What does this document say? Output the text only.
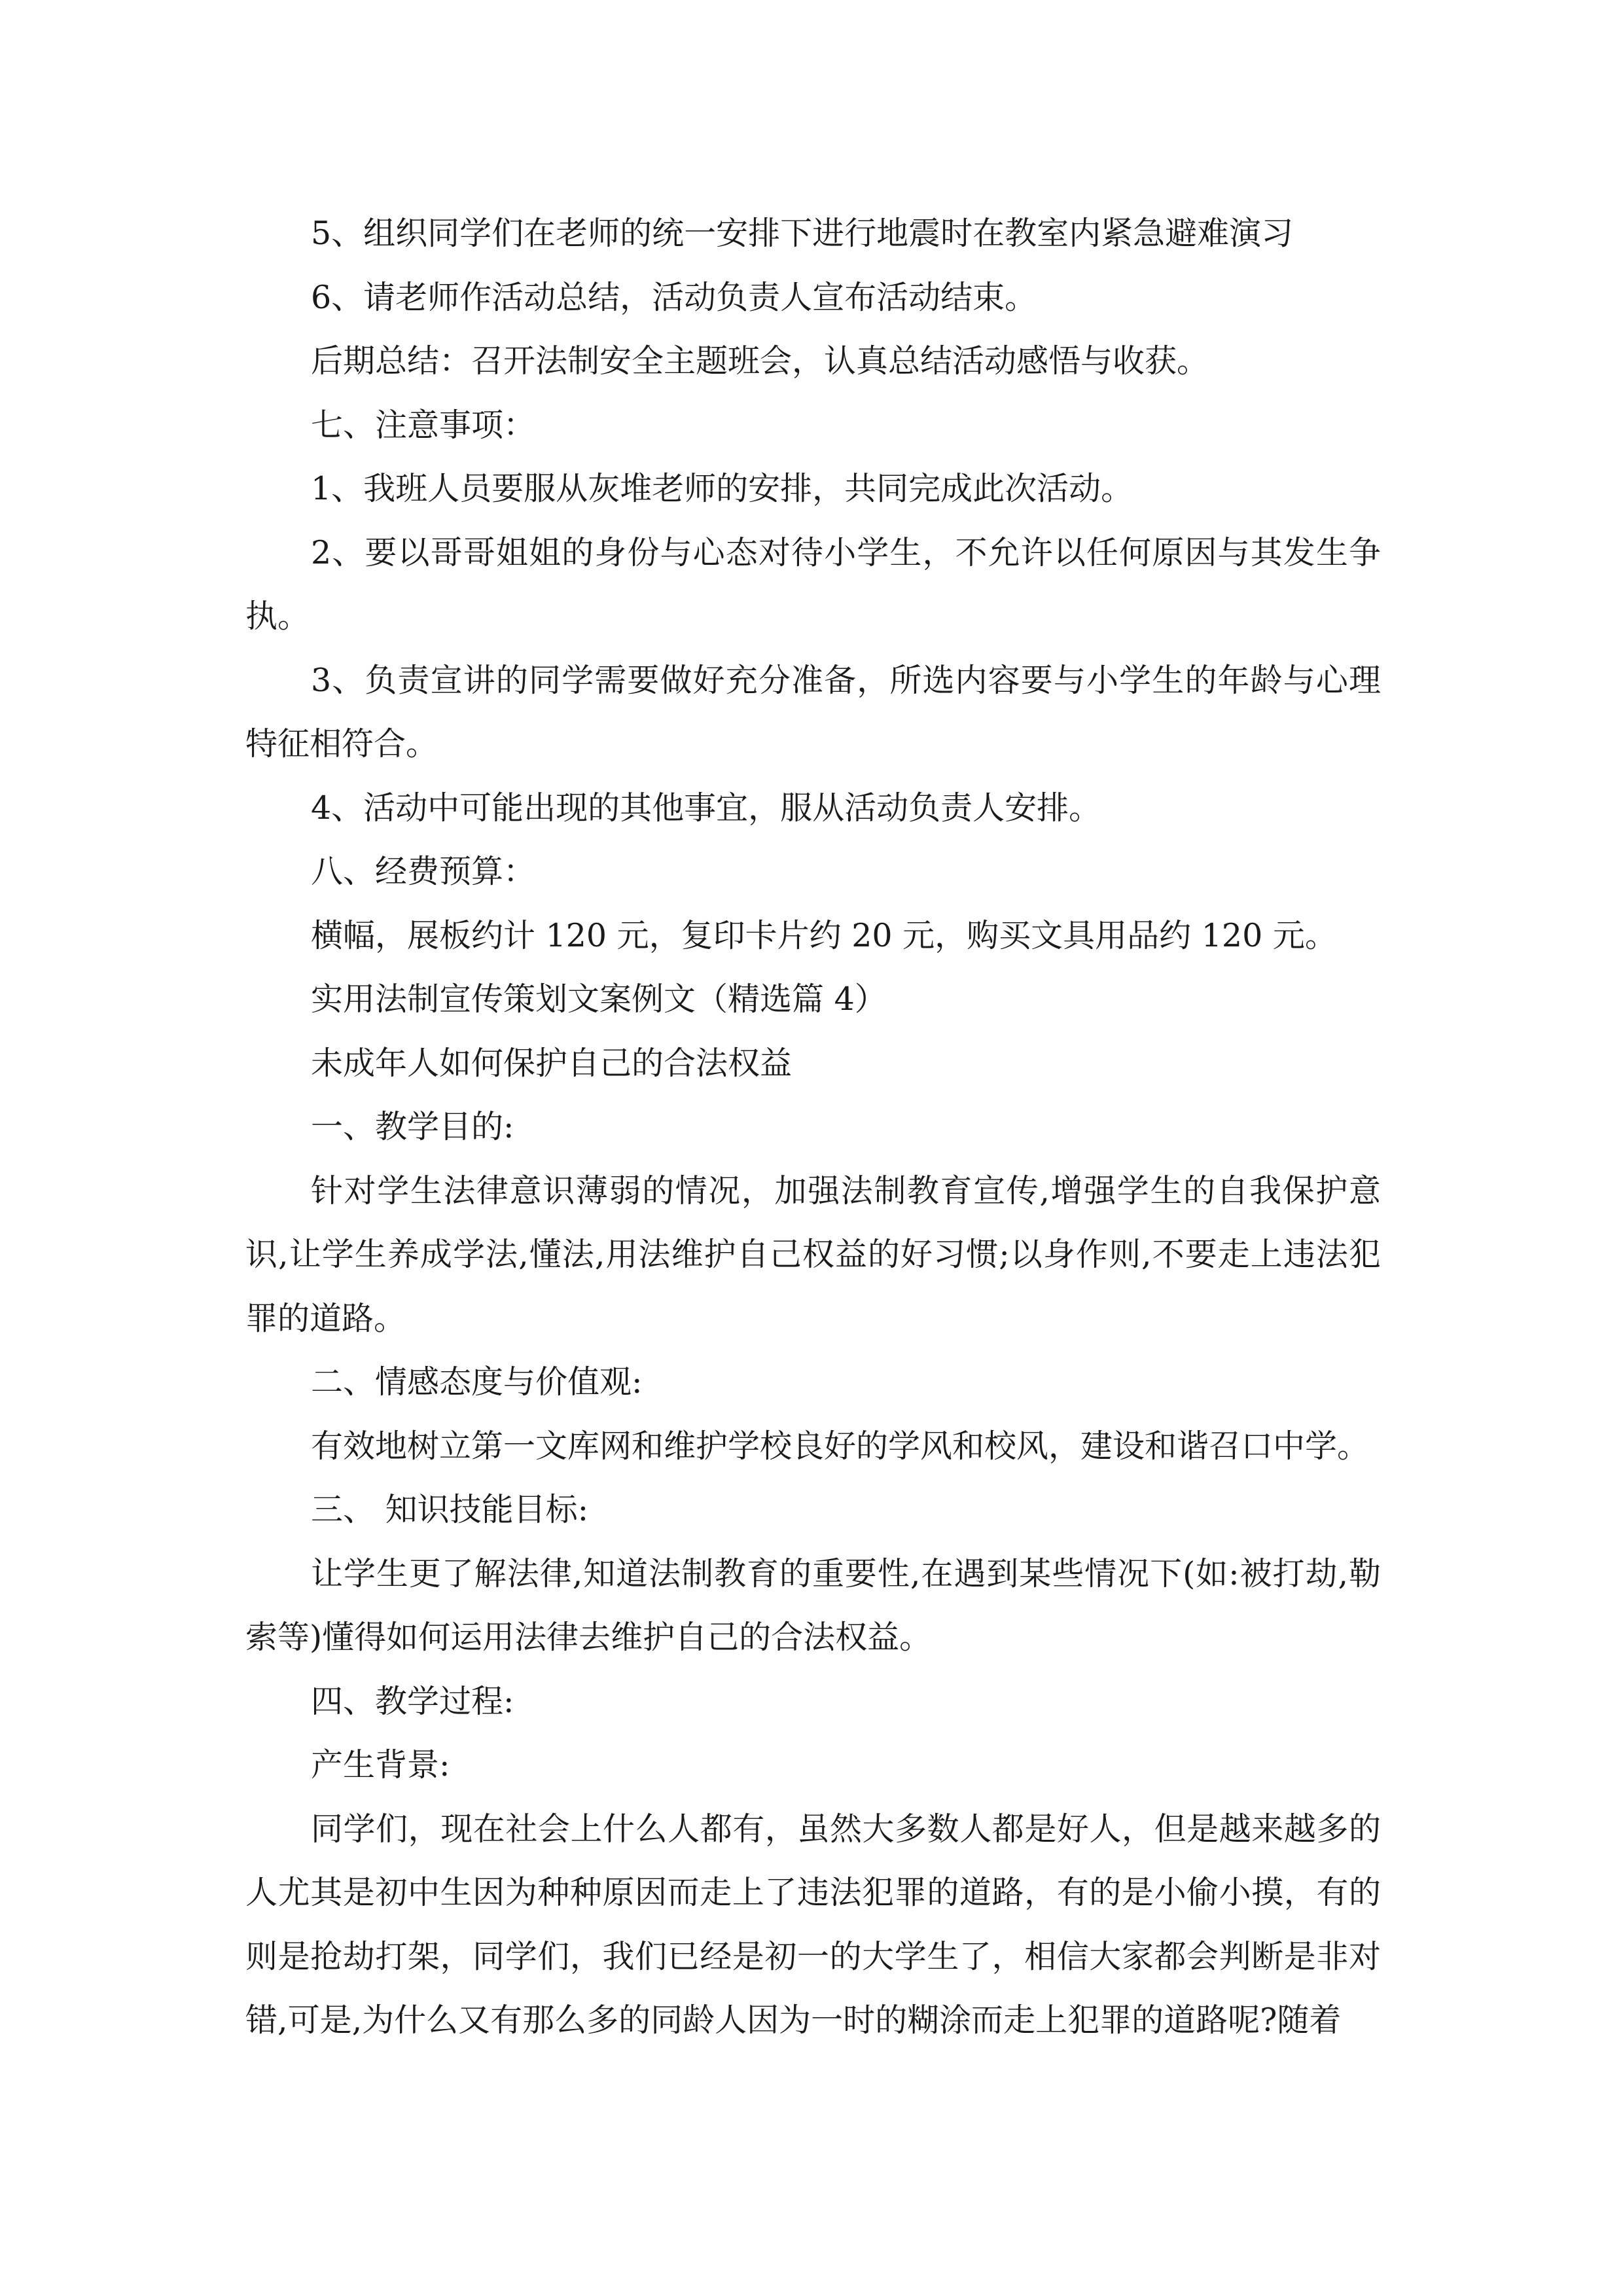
5、组织同学们在老师的统一安排下进行地震时在教室内紧急避难演习

6、请老师作活动总结，活动负责人宣布活动结束。

后期总结：召开法制安全主题班会，认真总结活动感悟与收获。

七、注意事项：

1、我班人员要服从灰堆老师的安排，共同完成此次活动。

2、要以哥哥姐姐的身份与心态对待小学生，不允许以任何原因与其发生争执。

3、负责宣讲的同学需要做好充分准备，所选内容要与小学生的年龄与心理特征相符合。

4、活动中可能出现的其他事宜，服从活动负责人安排。

八、经费预算：

横幅，展板约计 120 元，复印卡片约 20 元，购买文具用品约 120 元。

实用法制宣传策划文案例文（精选篇 4）

未成年人如何保护自己的合法权益

一、教学目的:

针对学生法律意识薄弱的情况，加强法制教育宣传,增强学生的自我保护意识,让学生养成学法,懂法,用法维护自己权益的好习惯;以身作则,不要走上违法犯罪的道路。

二、情感态度与价值观:

有效地树立第一文库网和维护学校良好的学风和校风，建设和谐召口中学。

三、 知识技能目标:

让学生更了解法律,知道法制教育的重要性,在遇到某些情况下(如:被打劫,勒索等)懂得如何运用法律去维护自己的合法权益。

四、教学过程:

产生背景:

同学们，现在社会上什么人都有，虽然大多数人都是好人，但是越来越多的人尤其是初中生因为种种原因而走上了违法犯罪的道路，有的是小偷小摸，有的则是抢劫打架，同学们，我们已经是初一的大学生了，相信大家都会判断是非对错,可是,为什么又有那么多的同龄人因为一时的糊涂而走上犯罪的道路呢?随着
